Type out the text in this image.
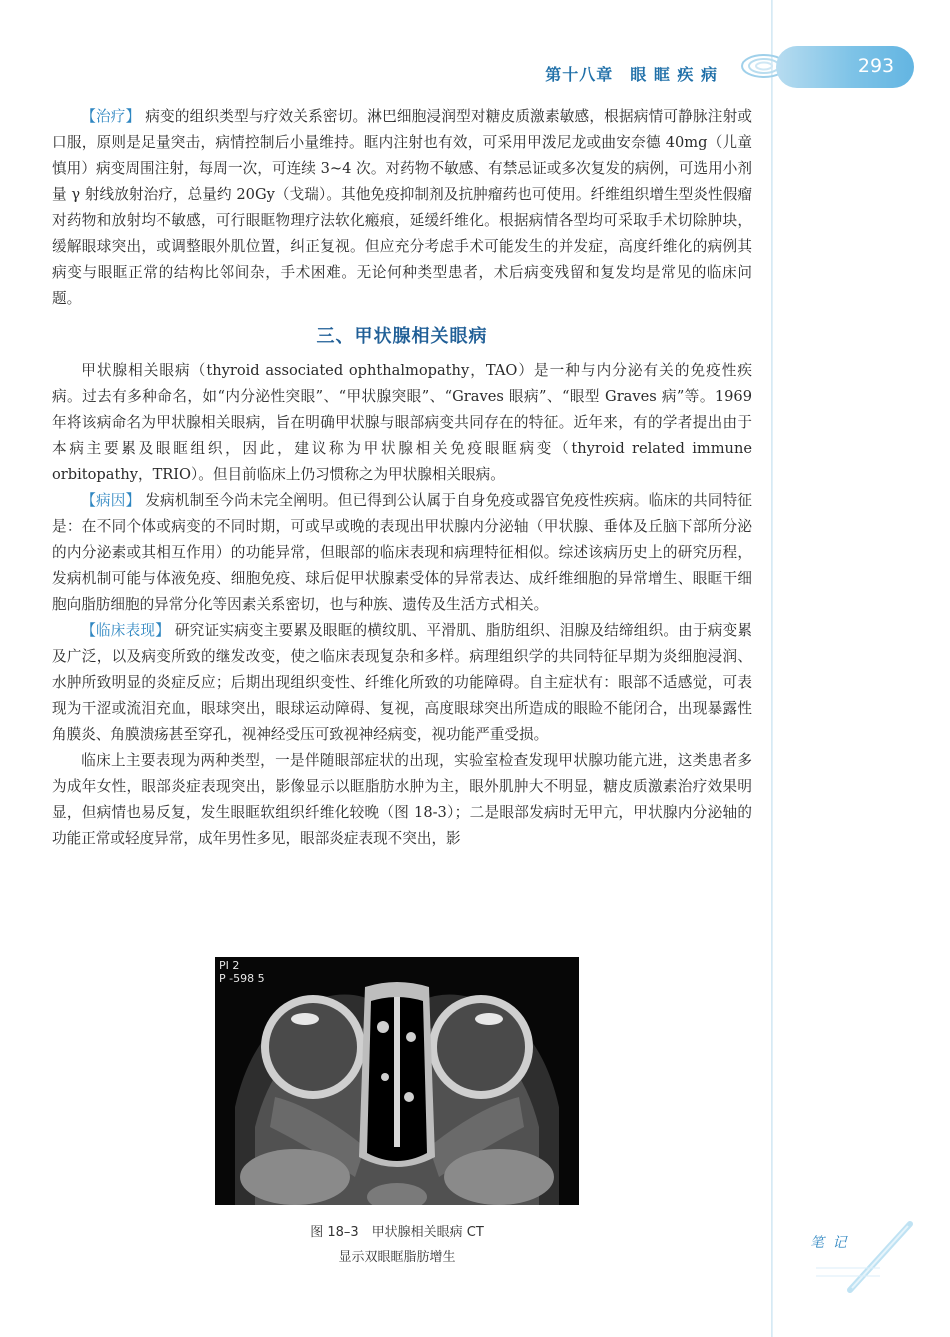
293
第十八章　眼 眶 疾 病

【治疗】 病变的组织类型与疗效关系密切。淋巴细胞浸润型对糖皮质激素敏感，根据病情可静脉注射或口服，原则是足量突击，病情控制后小量维持。眶内注射也有效，可采用甲泼尼龙或曲安奈德 40mg（儿童慎用）病变周围注射，每周一次，可连续 3~4 次。对药物不敏感、有禁忌证或多次复发的病例，可选用小剂量 γ 射线放射治疗，总量约 20Gy（戈瑞）。其他免疫抑制剂及抗肿瘤药也可使用。纤维组织增生型炎性假瘤对药物和放射均不敏感，可行眼眶物理疗法软化瘢痕，延缓纤维化。根据病情各型均可采取手术切除肿块，缓解眼球突出，或调整眼外肌位置，纠正复视。但应充分考虑手术可能发生的并发症，高度纤维化的病例其病变与眼眶正常的结构比邻间杂，手术困难。无论何种类型患者，术后病变残留和复发均是常见的临床问题。

三、甲状腺相关眼病

甲状腺相关眼病（thyroid associated ophthalmopathy，TAO）是一种与内分泌有关的免疫性疾病。过去有多种命名，如“内分泌性突眼”、“甲状腺突眼”、“Graves 眼病”、“眼型 Graves 病”等。1969 年将该病命名为甲状腺相关眼病，旨在明确甲状腺与眼部病变共同存在的特征。近年来，有的学者提出由于本病主要累及眼眶组织，因此，建议称为甲状腺相关免疫眼眶病变（thyroid related immune orbitopathy，TRIO）。但目前临床上仍习惯称之为甲状腺相关眼病。

【病因】 发病机制至今尚未完全阐明。但已得到公认属于自身免疫或器官免疫性疾病。临床的共同特征是：在不同个体或病变的不同时期，可或早或晚的表现出甲状腺内分泌轴（甲状腺、垂体及丘脑下部所分泌的内分泌素或其相互作用）的功能异常，但眼部的临床表现和病理特征相似。综述该病历史上的研究历程，发病机制可能与体液免疫、细胞免疫、球后促甲状腺素受体的异常表达、成纤维细胞的异常增生、眼眶干细胞向脂肪细胞的异常分化等因素关系密切，也与种族、遗传及生活方式相关。

【临床表现】 研究证实病变主要累及眼眶的横纹肌、平滑肌、脂肪组织、泪腺及结缔组织。由于病变累及广泛，以及病变所致的继发改变，使之临床表现复杂和多样。病理组织学的共同特征早期为炎细胞浸润、水肿所致明显的炎症反应；后期出现组织变性、纤维化所致的功能障碍。自主症状有：眼部不适感觉，可表现为干涩或流泪充血，眼球突出，眼球运动障碍、复视，高度眼球突出所造成的眼睑不能闭合，出现暴露性角膜炎、角膜溃疡甚至穿孔，视神经受压可致视神经病变，视功能严重受损。

临床上主要表现为两种类型，一是伴随眼部症状的出现，实验室检查发现甲状腺功能亢进，这类患者多为成年女性，眼部炎症表现突出，影像显示以眶脂肪水肿为主，眼外肌肿大不明显，糖皮质激素治疗效果明显，但病情也易反复，发生眼眶软组织纤维化较晚（图 18-3）；二是眼部发病时无甲亢，甲状腺内分泌轴的功能正常或轻度异常，成年男性多见，眼部炎症表现不突出，影

PI 2
P -598 5
图 18–3　甲状腺相关眼病 CT
显示双眼眶脂肪增生
笔 记
